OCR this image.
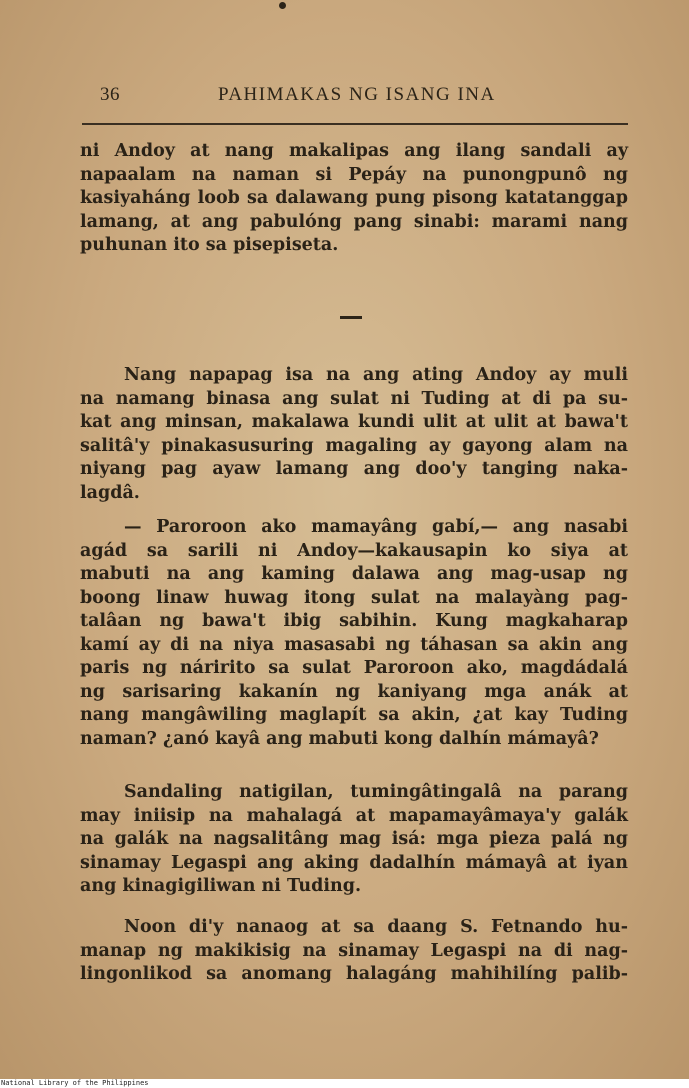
36	PAHIMAKAS NG ISANG INA
ni Andoy at nang makalipas ang ilang sandali ay
napaalam na naman si Pepáy na punongpunô ng
kasiyaháng loob sa dalawang pung pisong katatanggap
lamang, at ang pabulóng pang sinabi: marami nang
puhunan ito sa pisepiseta.
Nang napapag isa na ang ating Andoy ay muli
na namang binasa ang sulat ni Tuding at di pa su-
kat ang minsan, makalawa kundi ulit at ulit at bawa't
salitâ'y pinakasusuring magaling ay gayong alam na
niyang pag ayaw lamang ang doo'y tanging naka-
lagdâ.
— Paroroon ako mamayâng gabí,— ang nasabi
agád sa sarili ni Andoy—kakausapin ko siya at
mabuti na ang kaming dalawa ang mag-usap ng
boong linaw huwag itong sulat na malayàng pag-
talâan ng bawa't ibig sabihin. Kung magkaharap
kamí ay di na niya masasabi ng táhasan sa akin ang
paris ng náririto sa sulat Paroroon ako, magdádalá
ng sarisaring kakanín ng kaniyang mga anák at
nang mangâwiling maglapít sa akin, ¿at kay Tuding
naman? ¿anó kayâ ang mabuti kong dalhín mámayâ?
Sandaling natigilan, tumingâtingalâ na parang
may iniisip na mahalagá at mapamayâmaya'y galák
na galák na nagsalitâng mag isá: mga pieza palá ng
sinamay Legaspi ang aking dadalhín mámayâ at iyan
ang kinagigiliwan ni Tuding.
Noon di'y nanaog at sa daang S. Fetnando hu-
manap ng makikisig na sinamay Legaspi na di nag-
lingonlikod sa anomang halagáng mahihilíng palib-
National Library of the Philippines
